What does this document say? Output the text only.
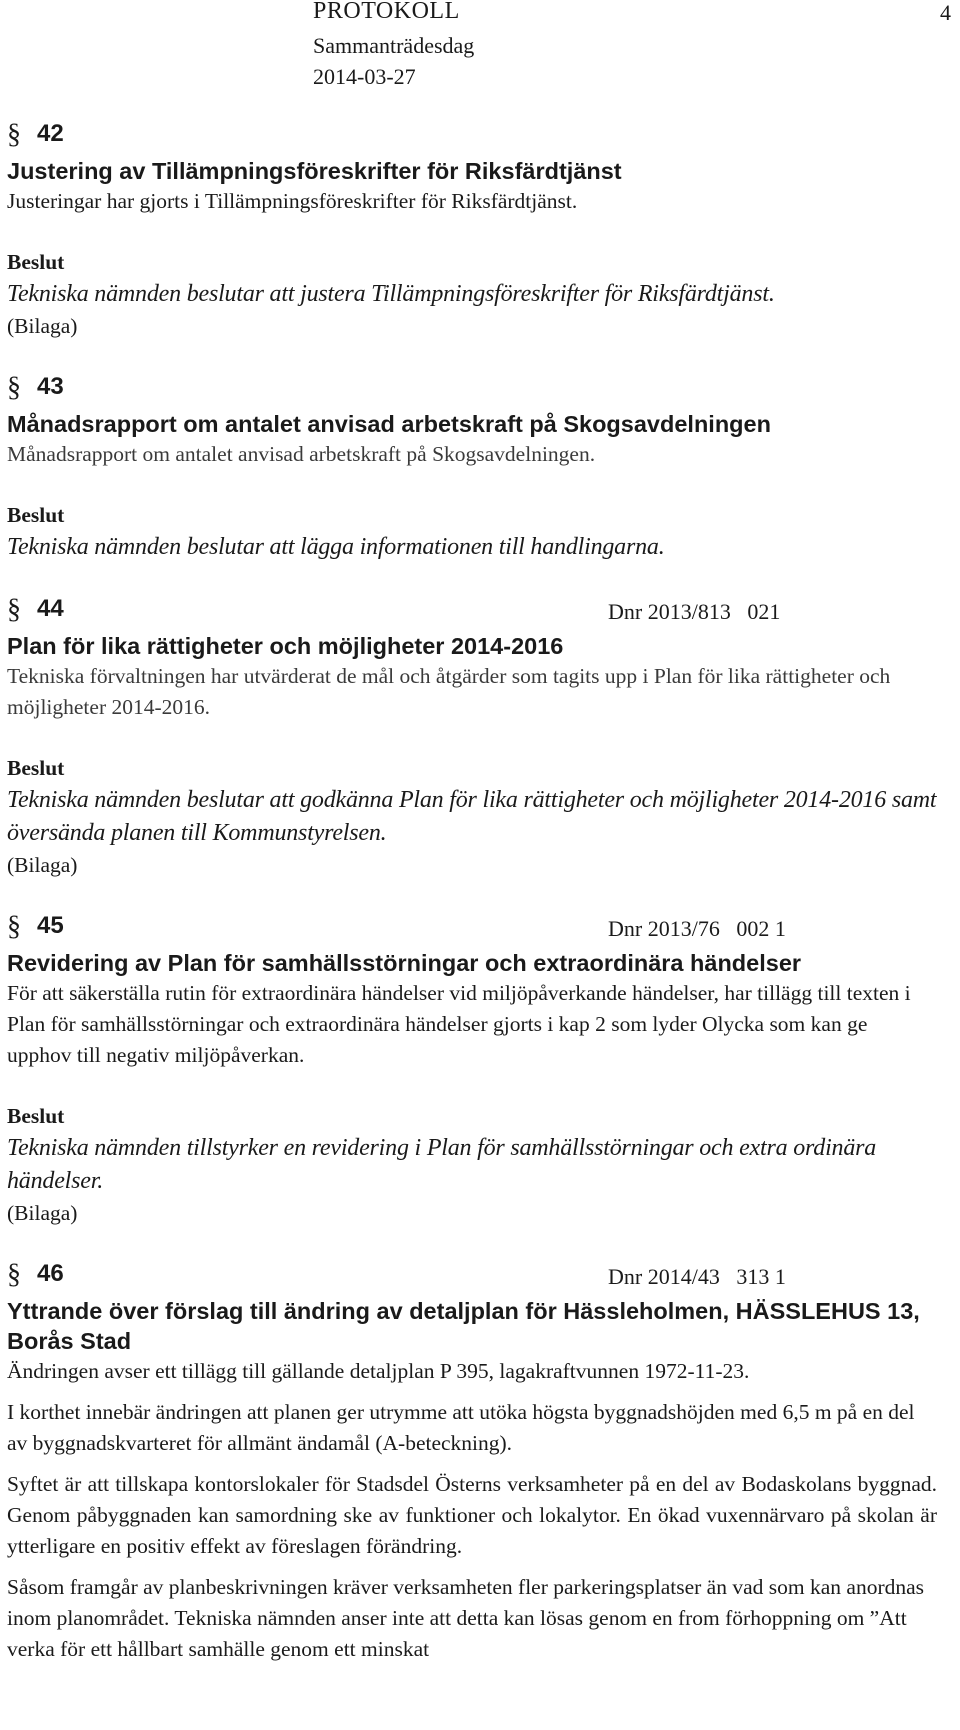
PROTOKOLL
Sammanträdesdag
2014-03-27
4
§ 42

Justering av Tillämpningsföreskrifter för Riksfärdtjänst

Justeringar har gjorts i Tillämpningsföreskrifter för Riksfärdtjänst.

Beslut

Tekniska nämnden beslutar att justera Tillämpningsföreskrifter för Riksfärdtjänst.

(Bilaga)

§ 43

Månadsrapport om antalet anvisad arbetskraft på Skogsavdelningen

Månadsrapport om antalet anvisad arbetskraft på Skogsavdelningen.

Beslut

Tekniska nämnden beslutar att lägga informationen till handlingarna.

§ 44	Dnr 2013/813   021

Plan för lika rättigheter och möjligheter 2014-2016

Tekniska förvaltningen har utvärderat de mål och åtgärder som tagits upp i Plan för lika rättigheter och möjligheter 2014-2016.

Beslut

Tekniska nämnden beslutar att godkänna Plan för lika rättigheter och möjligheter 2014-2016 samt översända planen till Kommunstyrelsen.

(Bilaga)

§ 45	Dnr 2013/76   002 1

Revidering av Plan för samhällsstörningar och extraordinära händelser

För att säkerställa rutin för extraordinära händelser vid miljöpåverkande händelser, har tillägg till texten i Plan för samhällsstörningar och extraordinära händelser gjorts i kap 2 som lyder Olycka som kan ge upphov till negativ miljöpåverkan.

Beslut

Tekniska nämnden tillstyrker en revidering i Plan för samhällsstörningar och extra ordinära händelser.

(Bilaga)

§ 46	Dnr 2014/43   313 1

Yttrande över förslag till ändring av detaljplan för Hässleholmen, HÄSSLEHUS 13, Borås Stad

Ändringen avser ett tillägg till gällande detaljplan P 395, lagakraftvunnen 1972-11-23.

I korthet innebär ändringen att planen ger utrymme att utöka högsta byggnadshöjden med 6,5 m på en del av byggnadskvarteret för allmänt ändamål (A-beteckning).

Syftet är att tillskapa kontorslokaler för Stadsdel Österns verksamheter på en del av Bodaskolans byggnad. Genom påbyggnaden kan samordning ske av funktioner och lokalytor. En ökad vuxennärvaro på skolan är ytterligare en positiv effekt av föreslagen förändring.

Såsom framgår av planbeskrivningen kräver verksamheten fler parkeringsplatser än vad som kan anordnas inom planområdet. Tekniska nämnden anser inte att detta kan lösas genom en from förhoppning om ”Att verka för ett hållbart samhälle genom ett minskat
